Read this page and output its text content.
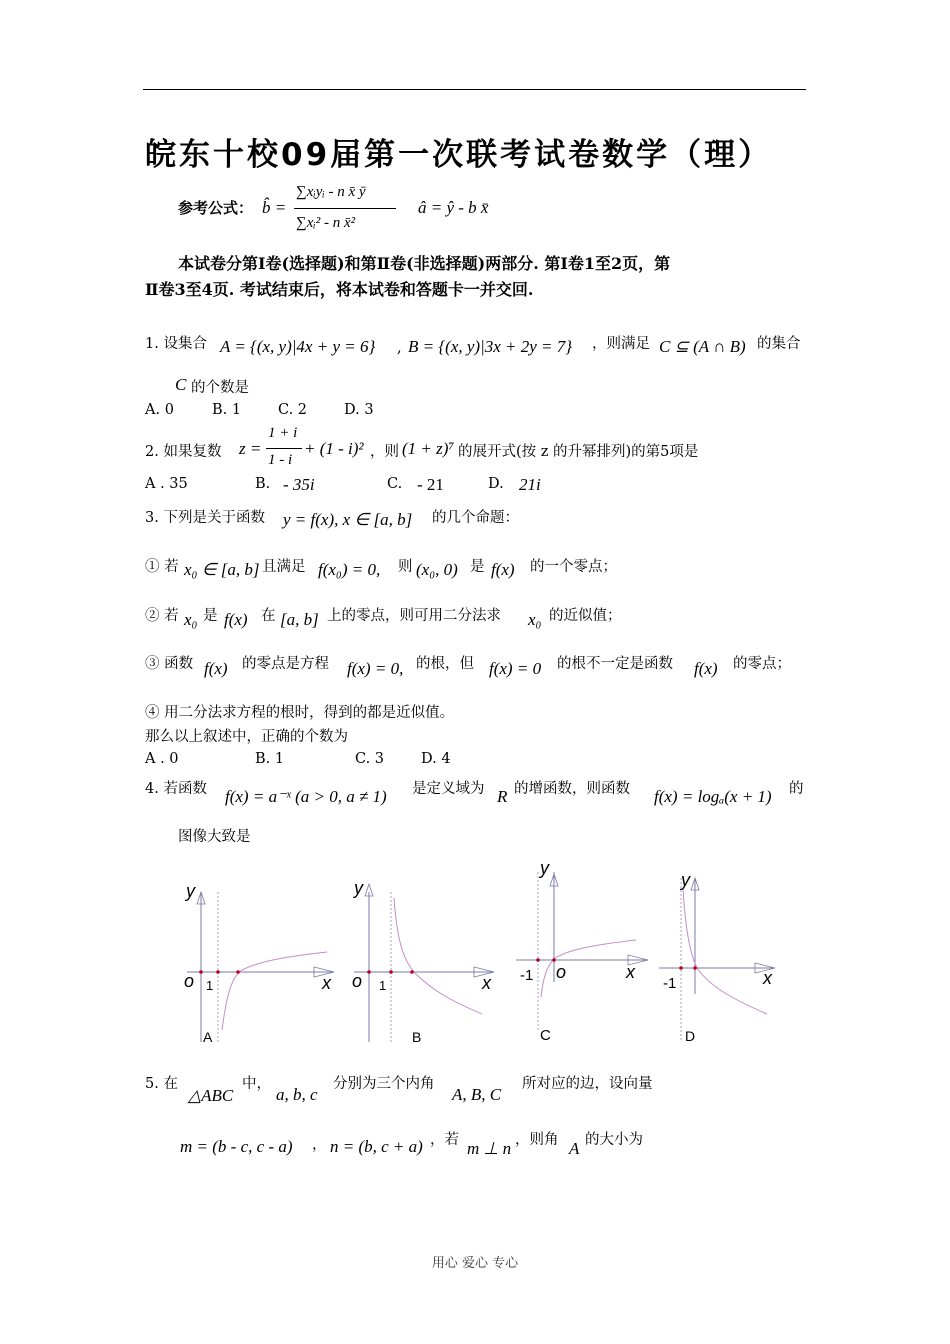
皖东十校09届第一次联考试卷数学（理）
参考公式： b̂ =
∑xᵢyᵢ - n x̄ ȳ
∑xᵢ² - n x̄²
â = ŷ - b x̄
本试卷分第Ⅰ卷(选择题)和第Ⅱ卷(非选择题)两部分. 第Ⅰ卷1至2页，第
Ⅱ卷3至4页. 考试结束后，将本试卷和答题卡一并交回.
1. 设集合 A = {(x, y)|4x + y = 6} , B = {(x, y)|3x + 2y = 7} ，则满足 C ⊆ (A ∩ B) 的集合
C 的个数是
A. 0	B. 1	C. 2	D. 3
2. 如果复数 z =
1 + i
1 - i
+ (1 - i)² ，则 (1 + z)⁷ 的展开式(按 z 的升幂排列)的第5项是
A . 35	B. - 35i	C. - 21	D. 21i
3. 下列是关于函数 y = f(x), x ∈ [a, b] 的几个命题：
① 若 x₀ ∈ [a, b] 且满足 f(x₀) = 0, 则 (x₀, 0) 是 f(x) 的一个零点；
② 若 x₀ 是 f(x) 在 [a, b] 上的零点，则可用二分法求 x₀ 的近似值；
③ 函数 f(x) 的零点是方程 f(x) = 0, 的根，但 f(x) = 0 的根不一定是函数 f(x) 的零点；
④ 用二分法求方程的根时，得到的都是近似值。
那么以上叙述中，正确的个数为
A . 0	B. 1	C. 3	D. 4
4. 若函数 f(x) = a⁻ˣ (a > 0, a ≠ 1) 是定义域为 R 的增函数，则函数 f(x) = logₐ(x + 1) 的
图像大致是
y
o 1	x
A
y
o 1	x
B
y
o
-1	x
C
y
-1	x
D
5. 在
△ABC
中，
a, b, c
分别为三个内角
A, B, C
所对应的边，设向量
m = (b - c, c - a) ， n = (b, c + a) ，若 m ⊥ n ，则角 A 的大小为
用心 爱心 专心
